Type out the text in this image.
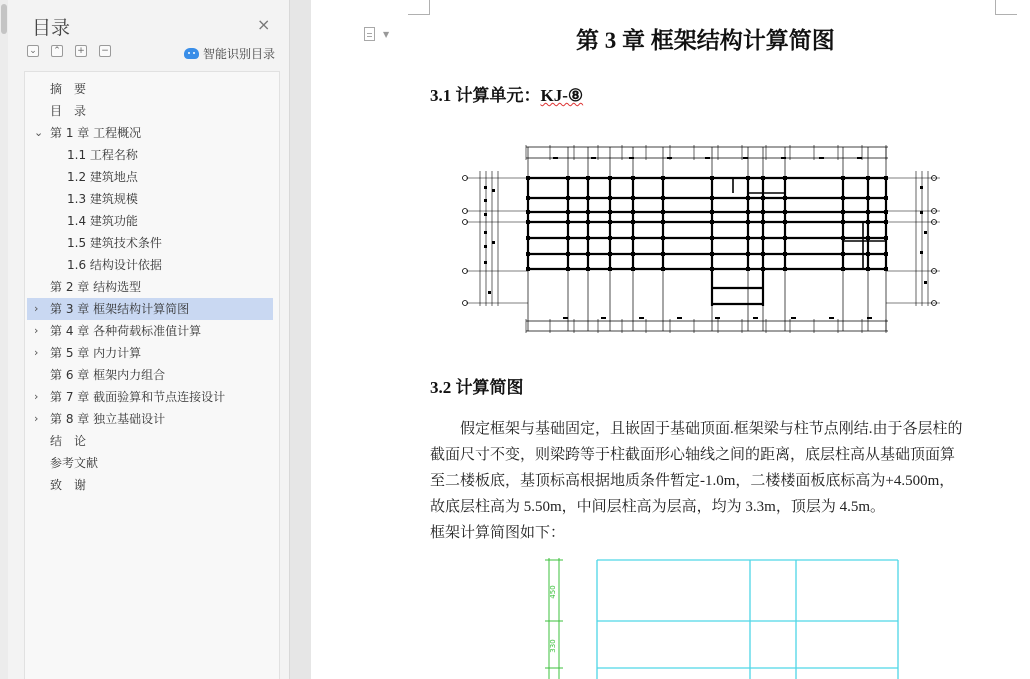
目录	×
⌄ ⌃ + −	智能识别目录
摘　要
目　录
⌄ 第 1 章 工程概况
1.1 工程名称
1.2 建筑地点
1.3 建筑规模
1.4 建筑功能
1.5 建筑技术条件
1.6 结构设计依据
第 2 章 结构选型
› 第 3 章 框架结构计算简图
› 第 4 章 各种荷载标准值计算
› 第 5 章 内力计算
第 6 章 框架内力组合
› 第 7 章 截面验算和节点连接设计
› 第 8 章 独立基础设计
结　论
参考文献
致　谢
▼	第 3 章 框架结构计算简图
3.1 计算单元：KJ-⑧
3.2 计算简图
　　假定框架与基础固定，且嵌固于基础顶面.框架梁与柱节点刚结.由于各层柱的
截面尺寸不变，则梁跨等于柱截面形心轴线之间的距离，底层柱高从基础顶面算
至二楼板底，基顶标高根据地质条件暂定-1.0m，二楼楼面板底标高为+4.500m，
故底层柱高为 5.50m，中间层柱高为层高，均为 3.3m，顶层为 4.5m。
框架计算简图如下：
450
330
